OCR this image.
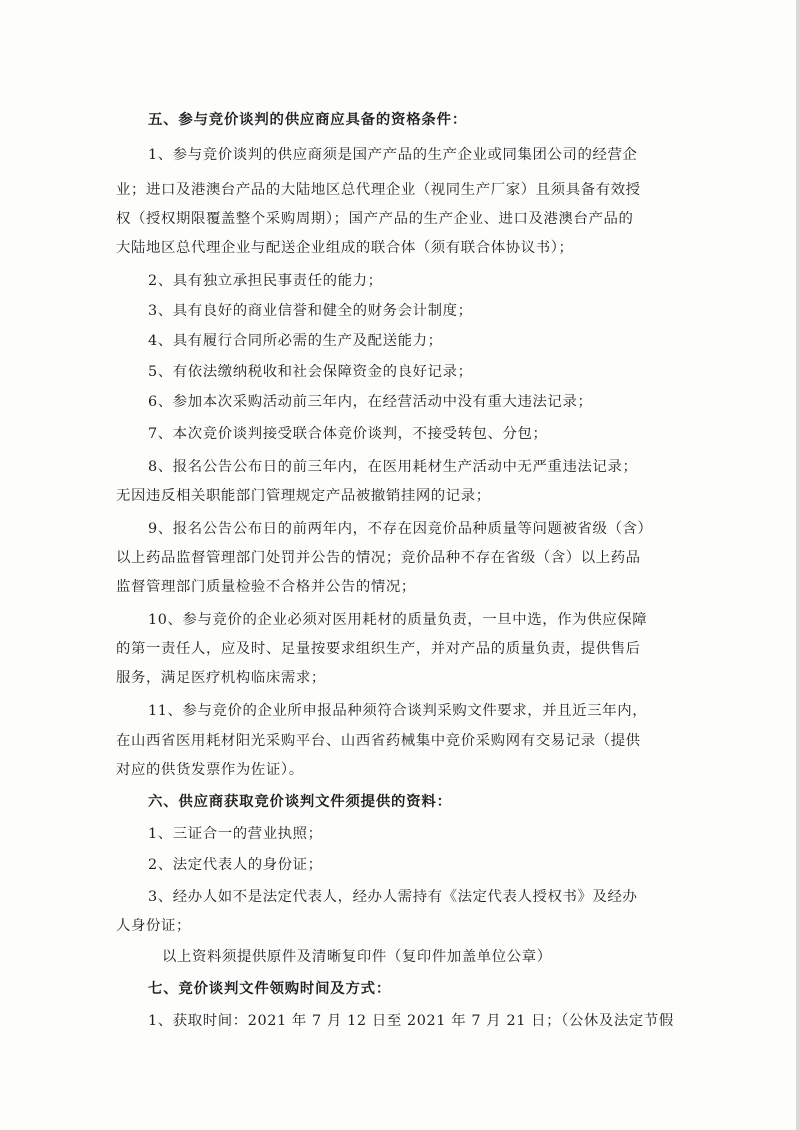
五、参与竞价谈判的供应商应具备的资格条件：
1、参与竞价谈判的供应商须是国产产品的生产企业或同集团公司的经营企
业；进口及港澳台产品的大陆地区总代理企业（视同生产厂家）且须具备有效授
权（授权期限覆盖整个采购周期）；国产产品的生产企业、进口及港澳台产品的
大陆地区总代理企业与配送企业组成的联合体（须有联合体协议书）；
2、具有独立承担民事责任的能力；
3、具有良好的商业信誉和健全的财务会计制度；
4、具有履行合同所必需的生产及配送能力；
5、有依法缴纳税收和社会保障资金的良好记录；
6、参加本次采购活动前三年内，在经营活动中没有重大违法记录；
7、本次竞价谈判接受联合体竞价谈判，不接受转包、分包；
8、报名公告公布日的前三年内，在医用耗材生产活动中无严重违法记录；
无因违反相关职能部门管理规定产品被撤销挂网的记录；
9、报名公告公布日的前两年内，不存在因竞价品种质量等问题被省级（含）
以上药品监督管理部门处罚并公告的情况；竞价品种不存在省级（含）以上药品
监督管理部门质量检验不合格并公告的情况；
10、参与竞价的企业必须对医用耗材的质量负责，一旦中选，作为供应保障
的第一责任人，应及时、足量按要求组织生产，并对产品的质量负责，提供售后
服务，满足医疗机构临床需求；
11、参与竞价的企业所申报品种须符合谈判采购文件要求，并且近三年内，
在山西省医用耗材阳光采购平台、山西省药械集中竞价采购网有交易记录（提供
对应的供货发票作为佐证）。
六、供应商获取竞价谈判文件须提供的资料：
1、三证合一的营业执照；
2、法定代表人的身份证；
3、经办人如不是法定代表人，经办人需持有《法定代表人授权书》及经办
人身份证；
以上资料须提供原件及清晰复印件（复印件加盖单位公章）
七、竞价谈判文件领购时间及方式：
1、获取时间：2021 年 7 月 12 日至 2021 年 7 月 21 日；（公休及法定节假
